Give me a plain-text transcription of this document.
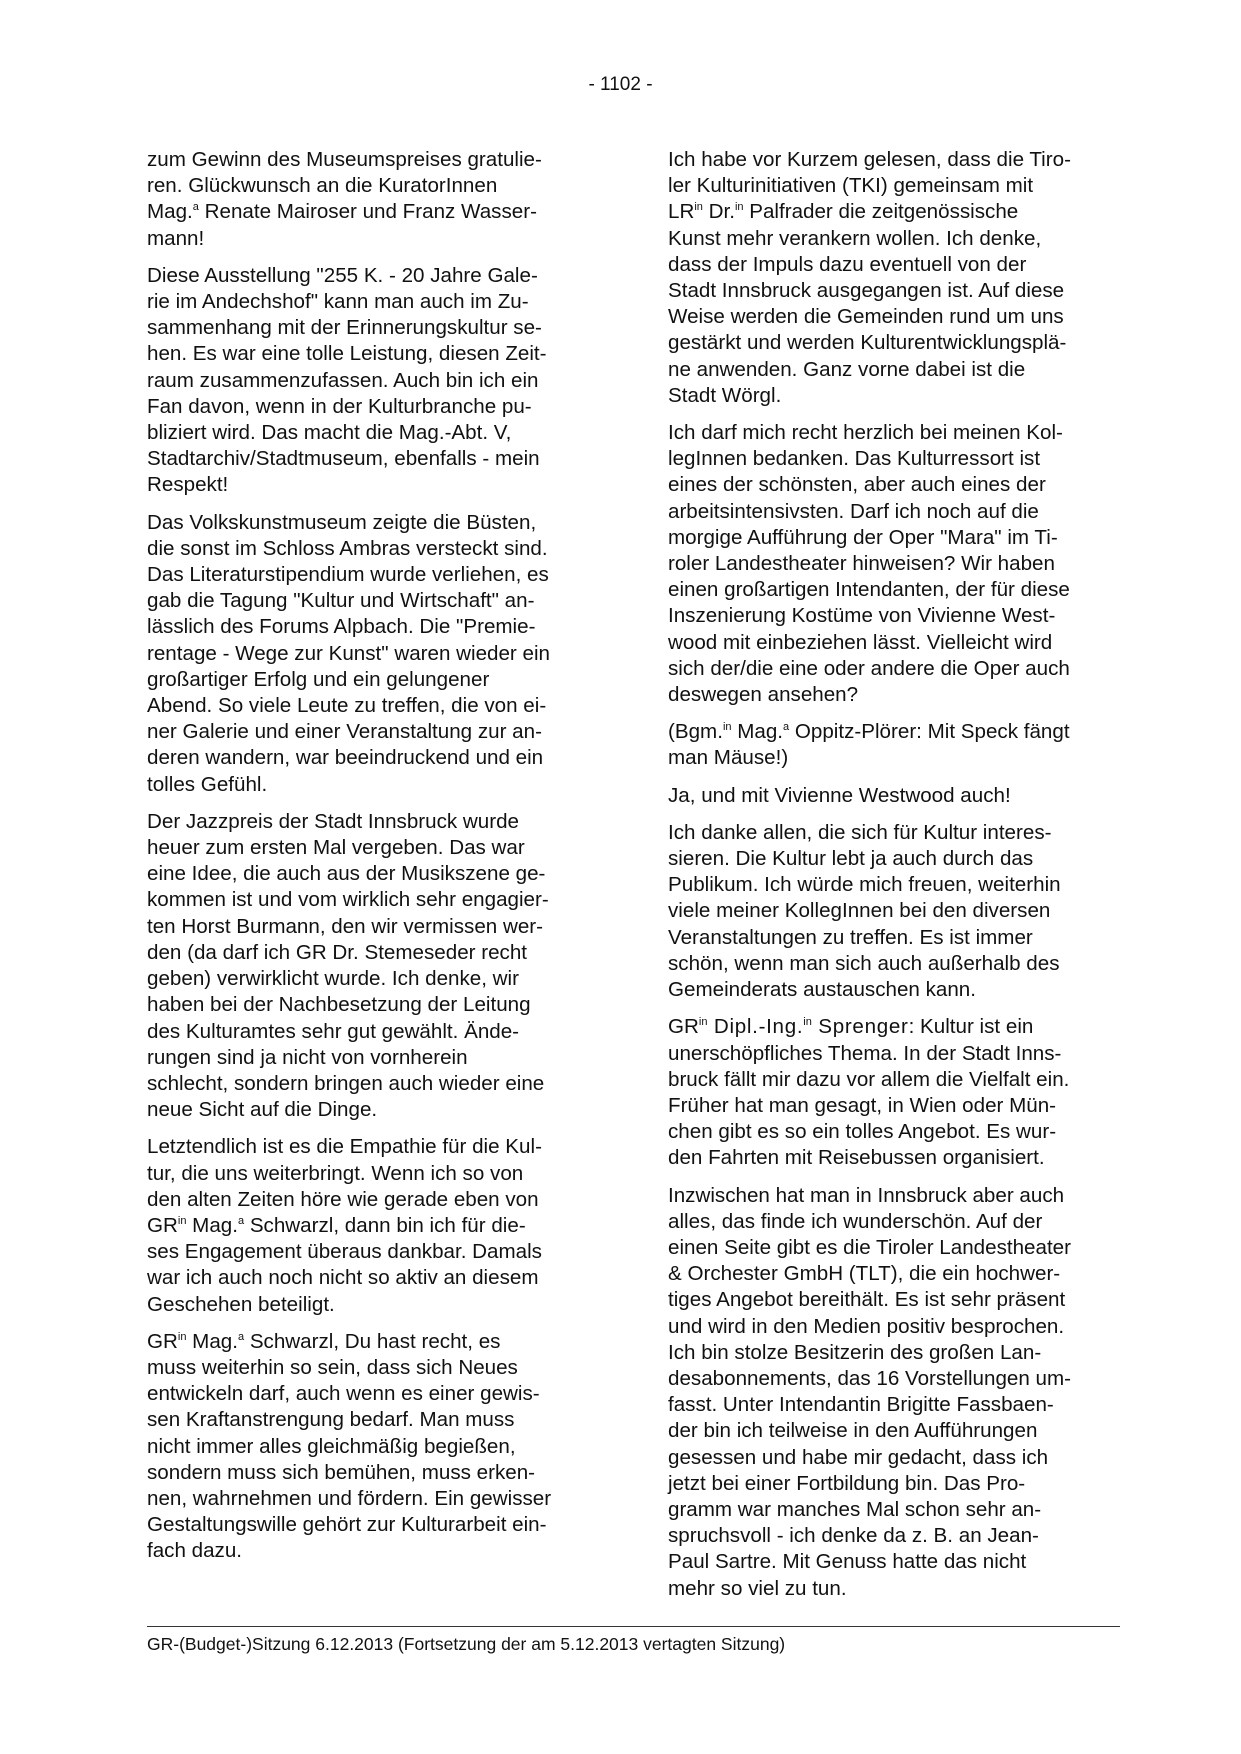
- 1102 -

zum Gewinn des Museumspreises gratulie-
ren. Glückwunsch an die KuratorInnen
Mag.$^a$ Renate Mairoser und Franz Wasser-
mann!

Diese Ausstellung "255 K. - 20 Jahre Gale-
rie im Andechshof" kann man auch im Zu-
sammenhang mit der Erinnerungskultur se-
hen. Es war eine tolle Leistung, diesen Zeit-
raum zusammenzufassen. Auch bin ich ein
Fan davon, wenn in der Kulturbranche pu-
bliziert wird. Das macht die Mag.-Abt. V,
Stadtarchiv/Stadtmuseum, ebenfalls - mein
Respekt!

Das Volkskunstmuseum zeigte die Büsten,
die sonst im Schloss Ambras versteckt sind.
Das Literaturstipendium wurde verliehen, es
gab die Tagung "Kultur und Wirtschaft" an-
lässlich des Forums Alpbach. Die "Premie-
rentage - Wege zur Kunst" waren wieder ein
großartiger Erfolg und ein gelungener
Abend. So viele Leute zu treffen, die von ei-
ner Galerie und einer Veranstaltung zur an-
deren wandern, war beeindruckend und ein
tolles Gefühl.

Der Jazzpreis der Stadt Innsbruck wurde
heuer zum ersten Mal vergeben. Das war
eine Idee, die auch aus der Musikszene ge-
kommen ist und vom wirklich sehr engagier-
ten Horst Burmann, den wir vermissen wer-
den (da darf ich GR Dr. Stemeseder recht
geben) verwirklicht wurde. Ich denke, wir
haben bei der Nachbesetzung der Leitung
des Kulturamtes sehr gut gewählt. Ände-
rungen sind ja nicht von vornherein
schlecht, sondern bringen auch wieder eine
neue Sicht auf die Dinge.

Letztendlich ist es die Empathie für die Kul-
tur, die uns weiterbringt. Wenn ich so von
den alten Zeiten höre wie gerade eben von
$GR^{in}$ Mag.$^a$ Schwarzl, dann bin ich für die-
ses Engagement überaus dankbar. Damals
war ich auch noch nicht so aktiv an diesem
Geschehen beteiligt.

$GR^{in}$ Mag.$^a$ Schwarzl, Du hast recht, es
muss weiterhin so sein, dass sich Neues
entwickeln darf, auch wenn es einer gewis-
sen Kraftanstrengung bedarf. Man muss
nicht immer alles gleichmäßig begießen,
sondern muss sich bemühen, muss erken-
nen, wahrnehmen und fördern. Ein gewisser
Gestaltungswille gehört zur Kulturarbeit ein-
fach dazu.

Ich habe vor Kurzem gelesen, dass die Tiro-
ler Kulturinitiativen (TKI) gemeinsam mit
$LR^{in}$ Dr.$^{in}$ Palfrader die zeitgenössische
Kunst mehr verankern wollen. Ich denke,
dass der Impuls dazu eventuell von der
Stadt Innsbruck ausgegangen ist. Auf diese
Weise werden die Gemeinden rund um uns
gestärkt und werden Kulturentwicklungsplä-
ne anwenden. Ganz vorne dabei ist die
Stadt Wörgl.

Ich darf mich recht herzlich bei meinen Kol-
legInnen bedanken. Das Kulturressort ist
eines der schönsten, aber auch eines der
arbeitsintensivsten. Darf ich noch auf die
morgige Aufführung der Oper "Mara" im Ti-
roler Landestheater hinweisen? Wir haben
einen großartigen Intendanten, der für diese
Inszenierung Kostüme von Vivienne West-
wood mit einbeziehen lässt. Vielleicht wird
sich der/die eine oder andere die Oper auch
deswegen ansehen?

(Bgm.$^{in}$ Mag.$^a$ Oppitz-Plörer: Mit Speck fängt
man Mäuse!)

Ja, und mit Vivienne Westwood auch!

Ich danke allen, die sich für Kultur interes-
sieren. Die Kultur lebt ja auch durch das
Publikum. Ich würde mich freuen, weiterhin
viele meiner KollegInnen bei den diversen
Veranstaltungen zu treffen. Es ist immer
schön, wenn man sich auch außerhalb des
Gemeinderats austauschen kann.

$GR^{in}$ Dipl.-Ing.$^{in}$ Sprenger: Kultur ist ein
unerschöpfliches Thema. In der Stadt Inns-
bruck fällt mir dazu vor allem die Vielfalt ein.
Früher hat man gesagt, in Wien oder Mün-
chen gibt es so ein tolles Angebot. Es wur-
den Fahrten mit Reisebussen organisiert.

Inzwischen hat man in Innsbruck aber auch
alles, das finde ich wunderschön. Auf der
einen Seite gibt es die Tiroler Landestheater
& Orchester GmbH (TLT), die ein hochwer-
tiges Angebot bereithält. Es ist sehr präsent
und wird in den Medien positiv besprochen.
Ich bin stolze Besitzerin des großen Lan-
desabonnements, das 16 Vorstellungen um-
fasst. Unter Intendantin Brigitte Fassbaen-
der bin ich teilweise in den Aufführungen
gesessen und habe mir gedacht, dass ich
jetzt bei einer Fortbildung bin. Das Pro-
gramm war manches Mal schon sehr an-
spruchsvoll - ich denke da z. B. an Jean-
Paul Sartre. Mit Genuss hatte das nicht
mehr so viel zu tun.

GR-(Budget-)Sitzung 6.12.2013 (Fortsetzung der am 5.12.2013 vertagten Sitzung)
